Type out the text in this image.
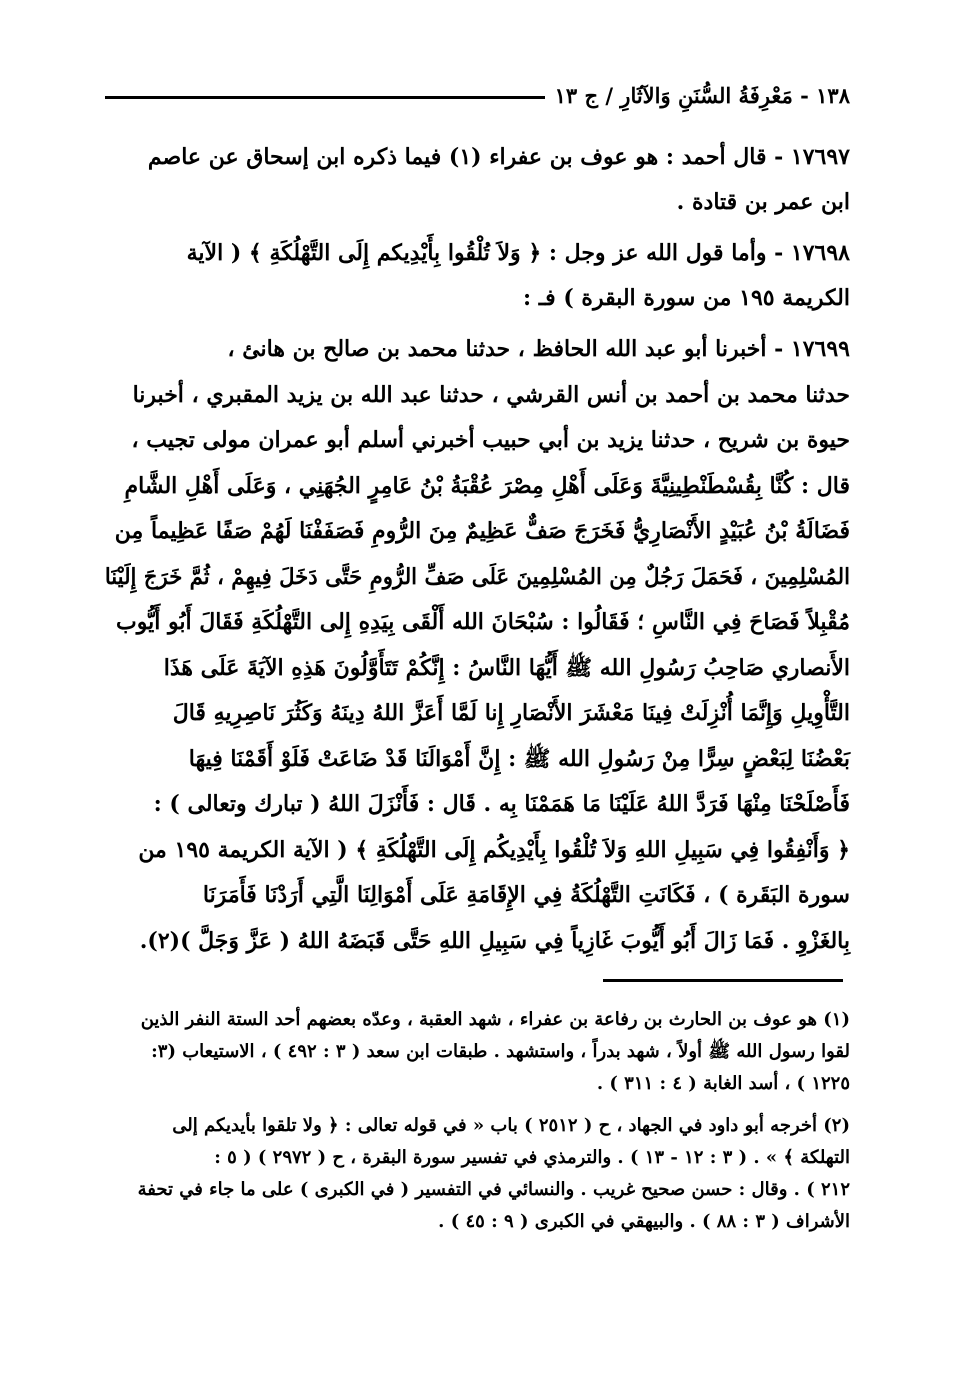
١٣٨ - مَعْرِفَةُ السُّنَنِ وَالآثَارِ / ج ١٣

١٧٦٩٧ - قال أحمد : هو عوف بن عفراء (١) فيما ذكره ابن إسحاق عن عاصم

ابن عمر بن قتادة .

١٧٦٩٨ - وأما قول الله عز وجل : ﴿ وَلاَ تُلْقُوا بِأَيْدِيكم إِلَى التَّهْلُكَةِ ﴾ ( الآية

الكريمة ١٩٥ من سورة البقرة ) فـ :

١٧٦٩٩ - أخبرنا أبو عبد الله الحافظ ، حدثنا محمد بن صالح بن هانئ ،

حدثنا محمد بن أحمد بن أنس القرشي ، حدثنا عبد الله بن يزيد المقبري ، أخبرنا

حيوة بن شريح ، حدثنا يزيد بن أبي حبيب أخبرني أسلم أبو عمران مولى تجيب ،

قال : كُنَّا بِقُسْطَنْطِينِيَّةَ وَعَلَى أَهْلِ مِصْرَ عُقْبَةُ بْنُ عَامِرٍ الجُهَنِي ، وَعَلَى أَهْلِ الشَّامِ

فَضَالَةُ بْنُ عُبَيْدٍ الأَنْصَارِيُّ فَخَرَجَ صَفٌّ عَظِيمٌ مِنَ الرُّومِ فَصَفَفْنَا لَهُمْ صَفًا عَظِيماً مِن

المُسْلِمِينَ ، فَحَمَلَ رَجُلٌ مِن المُسْلِمِينَ عَلَى صَفِّ الرُّومِ حَتَّى دَخَلَ فِيهِمْ ، ثُمَّ خَرَجَ إِلَيْنَا

مُقْبِلاً فَصَاحَ فِي النَّاسِ ؛ فَقَالُوا : سُبْحَانَ الله أَلْقَى بِيَدِهِ إِلى التَّهْلُكَةِ فَقَالَ أَبُو أَيُّوب

الأَنصاري صَاحِبُ رَسُولِ الله ﷺ أَيُّهَا النَّاسُ : إِنَّكُمْ تَتَأَوَّلُونَ هَذِهِ الآيَةَ عَلَى هَذَا

التَّأْوِيلِ وَإِنَّمَا أُنْزِلَتْ فِينَا مَعْشَرَ الأَنْصَارِ إِنا لَمَّا أَعَزَّ اللهُ دِينَهُ وَكَثُرَ نَاصِرِيهِ قَالَ

بَعْضُنَا لِبَعْضٍ سِرًّا مِنْ رَسُولِ الله ﷺ : إِنَّ أَمْوَالَنَا قَدْ ضَاعَتْ فَلَوْ أَقَمْنَا فِيهَا

فَأَصْلَحْنَا مِنْهَا فَرَدَّ اللهُ عَلَيْنَا مَا هَمَمْنَا بِه . قَال : فَأَنْزَلَ اللهُ ( تبارك وتعالى ) :

﴿ وَأَنْفِقُوا فِي سَبِيلِ اللهِ وَلاَ تُلْقُوا بِأَيْدِيكُم إِلَى التَّهْلُكَةِ ﴾ ( الآية الكريمة ١٩٥ من

سورة البَقَرة ) ، فَكَانَتِ التَّهْلُكَةُ فِي الإِقَامَةِ عَلَى أَمْوَالِنَا الَّتِي أَرَدْنَا فَأَمَرَنَا

بِالغَزْوِ . فَمَا زَالَ أَبُو أَيُّوبَ غَازِياً فِي سَبِيلِ اللهِ حَتَّى قَبَضَهُ اللهُ ( عَزَّ وَجَلَّ )(٢).

(١) هو عوف بن الحارث بن رفاعة بن عفراء ، شهد العقبة ، وعدّه بعضهم أحد الستة النفر الذين

لقوا رسول الله ﷺ أولاً ، شهد بدراً ، واستشهد . طبقات ابن سعد ( ٣ : ٤٩٢ ) ، الاستيعاب (٣:

١٢٢٥ ) ، أسد الغابة ( ٤ : ٣١١ ) .

(٢) أخرجه أبو داود في الجهاد ، ح ( ٢٥١٢ ) باب « في قوله تعالى : ﴿ ولا تلقوا بأيديكم إلى

التهلكة ﴾ » . ( ٣ : ١٢ - ١٣ ) . والترمذي في تفسير سورة البقرة ، ح ( ٢٩٧٢ ) ( ٥ :

٢١٢ ) . وقال : حسن صحيح غريب . والنسائي في التفسير ( في الكبرى ) على ما جاء في تحفة

الأشراف ( ٣ : ٨٨ ) . والبيهقي في الكبرى ( ٩ : ٤٥ ) .
